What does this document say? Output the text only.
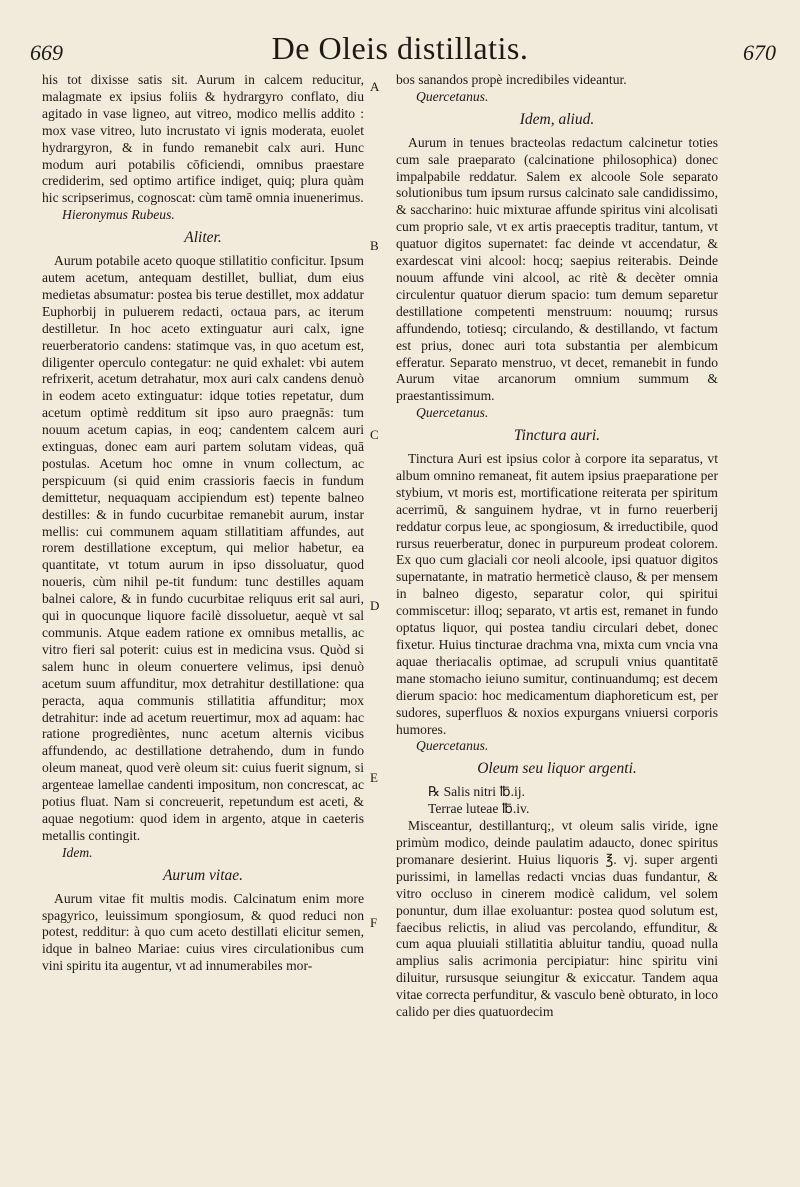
669	De Oleis distillatis.	670
A
B
C
D
E
F

his tot dixisse satis sit. Aurum in calcem reducitur, malagmate ex ipsius foliis & hydrargyro conflato, diu agitado in vase ligneo, aut vitreo, modico mellis addito : mox vase vitreo, luto incrustato vi ignis moderata, euolet hydrargyron, & in fundo remanebit calx auri. Hunc modum auri potabilis cōficiendi, omnibus praestare crediderim, sed optimo artifice indiget, quiq; plura quàm hic scripserimus, cognoscat: cùm tamē omnia inuenerimus.

Hieronymus Rubeus.

Aliter.

Aurum potabile aceto quoque stillatitio conficitur. Ipsum autem acetum, antequam destillet, bulliat, dum eius medietas absumatur: postea bis terue destillet, mox addatur Euphorbij in puluerem redacti, octaua pars, ac iterum destilletur. In hoc aceto extinguatur auri calx, igne reuerberatorio candens: statimque vas, in quo acetum est, diligenter operculo contegatur: ne quid exhalet: vbi autem refrixerit, acetum detrahatur, mox auri calx candens denuò in eodem aceto extinguatur: idque toties repetatur, dum acetum optimè redditum sit ipso auro praegnās: tum nouum acetum capias, in eoq; candentem calcem auri extinguas, donec eam auri partem solutam videas, quā postulas. Acetum hoc omne in vnum collectum, ac perspicuum (si quid enim crassioris faecis in fundum demittetur, nequaquam accipiendum est) tepente balneo destilles: & in fundo cucurbitae remanebit aurum, instar mellis: cui communem aquam stillatitiam affundes, aut rorem destillatione exceptum, qui melior habetur, ea quantitate, vt totum aurum in ipso dissoluatur, quod noueris, cùm nihil pe-tit fundum: tunc destilles aquam balnei calore, & in fundo cucurbitae reliquus erit sal auri, qui in quocunque liquore facilè dissoluetur, aequè vt sal communis. Atque eadem ratione ex omnibus metallis, ac vitro fieri sal poterit: cuius est in medicina vsus. Quòd si salem hunc in oleum conuertere velimus, ipsi denuò acetum suum affunditur, mox detrahitur destillatione: qua peracta, aqua communis stillatitia affunditur; mox detrahitur: inde ad acetum reuertimur, mox ad aquam: hac ratione progredièntes, nunc acetum alternis vicibus affundendo, ac destillatione detrahendo, dum in fundo oleum maneat, quod verè oleum sit: cuius fuerit signum, si argenteae lamellae candenti impositum, non concrescat, ac potius fluat. Nam si concreuerit, repetundum est aceti, & aquae negotium: quod idem in argento, atque in caeteris metallis contingit.

Idem.

Aurum vitae.

Aurum vitae fit multis modis. Calcinatum enim more spagyrico, leuissimum spongiosum, & quod reduci non potest, redditur: à quo cum aceto destillati elicitur semen, idque in balneo Mariae: cuius vires circulationibus cum vini spiritu ita augentur, vt ad innumerabiles mor-

bos sanandos propè incredibiles videantur.

Quercetanus.

Idem, aliud.

Aurum in tenues bracteolas redactum calcinetur toties cum sale praeparato (calcinatione philosophica) donec impalpabile reddatur. Salem ex alcoole Sole separato solutionibus tum ipsum rursus calcinato sale candidissimo, & saccharino: huic mixturae affunde spiritus vini alcolisati cum proprio sale, vt ex artis praeceptis traditur, tantum, vt quatuor digitos supernatet: fac deinde vt accendatur, & exardescat vini alcool: hocq; saepius reiterabis. Deinde nouum affunde vini alcool, ac ritè & decèter omnia circulentur quatuor dierum spacio: tum demum separetur destillatione competenti menstruum: nouumq; rursus affundendo, totiesq; circulando, & destillando, vt factum est prius, donec auri tota substantia per alembicum efferatur. Separato menstruo, vt decet, remanebit in fundo Aurum vitae arcanorum omnium summum & praestantissimum.

Quercetanus.

Tinctura auri.

Tinctura Auri est ipsius color à corpore ita separatus, vt album omnino remaneat, fit autem ipsius praeparatione per stybium, vt moris est, mortificatione reiterata per spiritum acerrimū, & sanguinem hydrae, vt in furno reuerberij reddatur corpus leue, ac spongiosum, & irreductibile, quod rursus reuerberatur, donec in purpureum prodeat colorem. Ex quo cum glaciali cor neoli alcoole, ipsi quatuor digitos supernatante, in matratio hermeticè clauso, & per mensem in balneo digesto, separatur color, qui spiritui commiscetur: illoq; separato, vt artis est, remanet in fundo optatus liquor, qui postea tandiu circulari debet, donec fixetur. Huius tincturae drachma vna, mixta cum vncia vna aquae theriacalis optimae, ad scrupuli vnius quantitatē mane stomacho ieiuno sumitur, continuandumq; est decem dierum spacio: hoc medicamentum diaphoreticum est, per sudores, superfluos & noxios expurgans vniuersi corporis humores.

Quercetanus.

Oleum seu liquor argenti.

℞ Salis nitri ℔.ij.

Terrae luteae ℔.iv.

Misceantur, destillanturq;, vt oleum salis viride, igne primùm modico, deinde paulatim adaucto, donec spiritus promanare desierint. Huius liquoris ℥. vj. super argenti purissimi, in lamellas redacti vncias duas fundantur, & vitro occluso in cinerem modicè calidum, vel solem ponuntur, dum illae exoluantur: postea quod solutum est, faecibus relictis, in aliud vas percolando, effunditur, & cum aqua pluuiali stillatitia abluitur tandiu, quoad nulla amplius salis acrimonia percipiatur: hinc spiritu vini diluitur, rursusque seiungitur & exiccatur. Tandem aqua vitae correcta perfunditur, & vasculo benè obturato, in loco calido per dies quatuordecim
